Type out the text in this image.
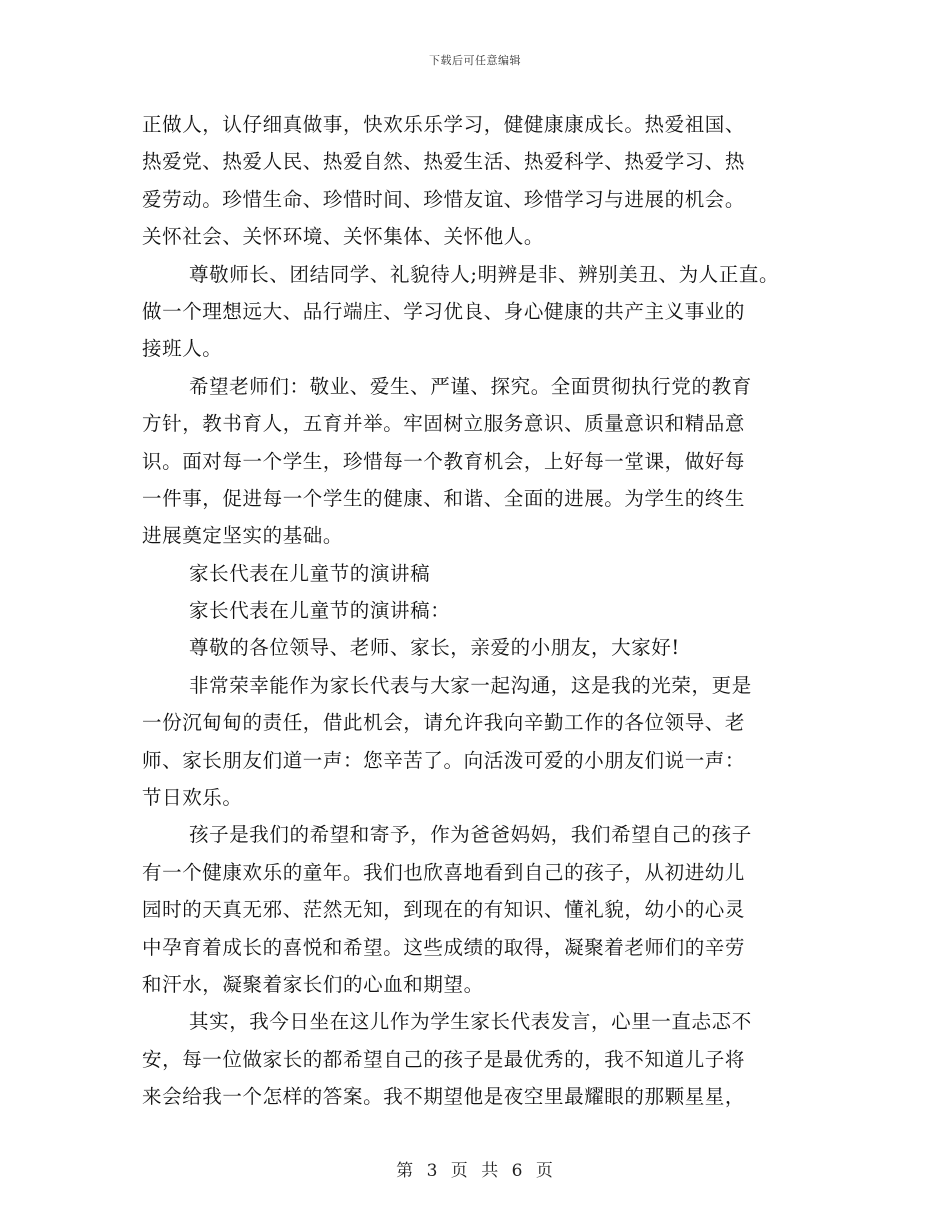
下载后可任意编辑
正做人，认仔细真做事，快欢乐乐学习，健健康康成长。热爱祖国、
热爱党、热爱人民、热爱自然、热爱生活、热爱科学、热爱学习、热
爱劳动。珍惜生命、珍惜时间、珍惜友谊、珍惜学习与进展的机会。
关怀社会、关怀环境、关怀集体、关怀他人。
尊敬师长、团结同学、礼貌待人;明辨是非、辨别美丑、为人正直。
做一个理想远大、品行端庄、学习优良、身心健康的共产主义事业的
接班人。
希望老师们：敬业、爱生、严谨、探究。全面贯彻执行党的教育
方针，教书育人，五育并举。牢固树立服务意识、质量意识和精品意
识。面对每一个学生，珍惜每一个教育机会，上好每一堂课，做好每
一件事，促进每一个学生的健康、和谐、全面的进展。为学生的终生
进展奠定坚实的基础。
家长代表在儿童节的演讲稿
家长代表在儿童节的演讲稿：
尊敬的各位领导、老师、家长，亲爱的小朋友，大家好!
非常荣幸能作为家长代表与大家一起沟通，这是我的光荣，更是
一份沉甸甸的责任，借此机会，请允许我向辛勤工作的各位领导、老
师、家长朋友们道一声：您辛苦了。向活泼可爱的小朋友们说一声：
节日欢乐。
孩子是我们的希望和寄予，作为爸爸妈妈，我们希望自己的孩子
有一个健康欢乐的童年。我们也欣喜地看到自己的孩子，从初进幼儿
园时的天真无邪、茫然无知，到现在的有知识、懂礼貌，幼小的心灵
中孕育着成长的喜悦和希望。这些成绩的取得，凝聚着老师们的辛劳
和汗水，凝聚着家长们的心血和期望。
其实，我今日坐在这儿作为学生家长代表发言，心里一直忐忑不
安，每一位做家长的都希望自己的孩子是最优秀的，我不知道儿子将
来会给我一个怎样的答案。我不期望他是夜空里最耀眼的那颗星星，
第 3 页 共 6 页
